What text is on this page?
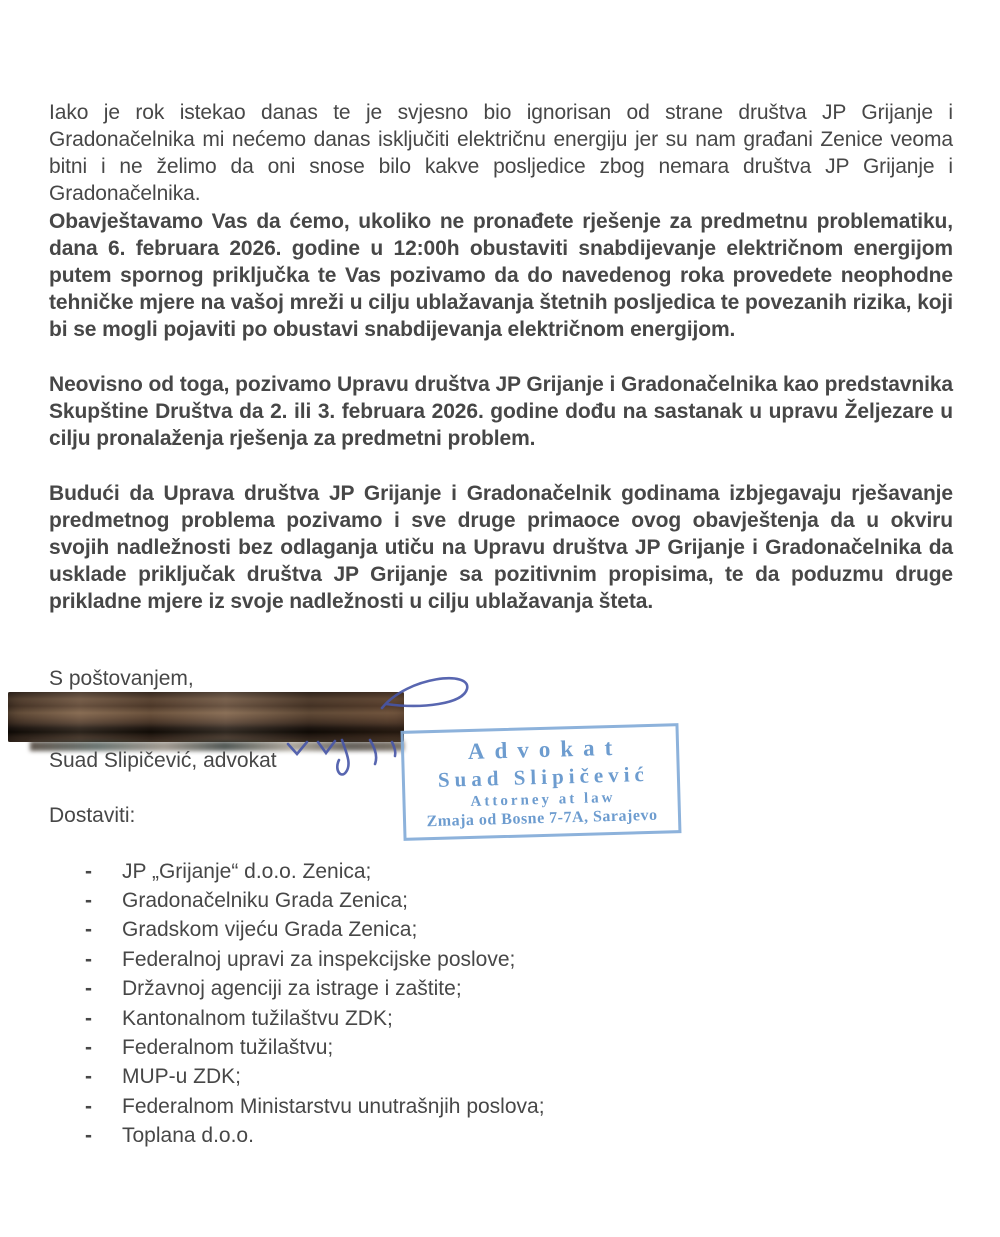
Iako je rok istekao danas te je svjesno bio ignorisan od strane društva JP Grijanje i Gradonačelnika mi nećemo danas isključiti električnu energiju jer su nam građani Zenice veoma bitni i ne želimo da oni snose bilo kakve posljedice zbog nemara društva JP Grijanje i Gradonačelnika.

Obavještavamo Vas da ćemo, ukoliko ne pronađete rješenje za predmetnu problematiku, dana 6. februara 2026. godine u 12:00h obustaviti snabdijevanje električnom energijom putem spornog priključka te Vas pozivamo da do navedenog roka provedete neophodne tehničke mjere na vašoj mreži u cilju ublažavanja štetnih posljedica te povezanih rizika, koji bi se mogli pojaviti po obustavi snabdijevanja električnom energijom.

Neovisno od toga, pozivamo Upravu društva JP Grijanje i Gradonačelnika kao predstavnika Skupštine Društva da 2. ili 3. februara 2026. godine dođu na sastanak u upravu Željezare u cilju pronalaženja rješenja za predmetni problem.

Budući da Uprava društva JP Grijanje i Gradonačelnik godinama izbjegavaju rješavanje predmetnog problema pozivamo i sve druge primaoce ovog obavještenja da u okviru svojih nadležnosti bez odlaganja utiču na Upravu društva JP Grijanje i Gradonačelnika da usklade priključak društva JP Grijanje sa pozitivnim propisima, te da poduzmu druge prikladne mjere iz svoje nadležnosti u cilju ublažavanja šteta.

S poštovanjem,

Advokat
Suad Slipičević
Attorney at law
Zmaja od Bosne 7-7A, Sarajevo

Suad Slipičević, advokat

Dostaviti:

-	JP „Grijanje“ d.o.o. Zenica;
-	Gradonačelniku Grada Zenica;
-	Gradskom vijeću Grada Zenica;
-	Federalnoj upravi za inspekcijske poslove;
-	Državnoj agenciji za istrage i zaštite;
-	Kantonalnom tužilaštvu ZDK;
-	Federalnom tužilaštvu;
-	MUP-u ZDK;
-	Federalnom Ministarstvu unutrašnjih poslova;
-	Toplana d.o.o.
